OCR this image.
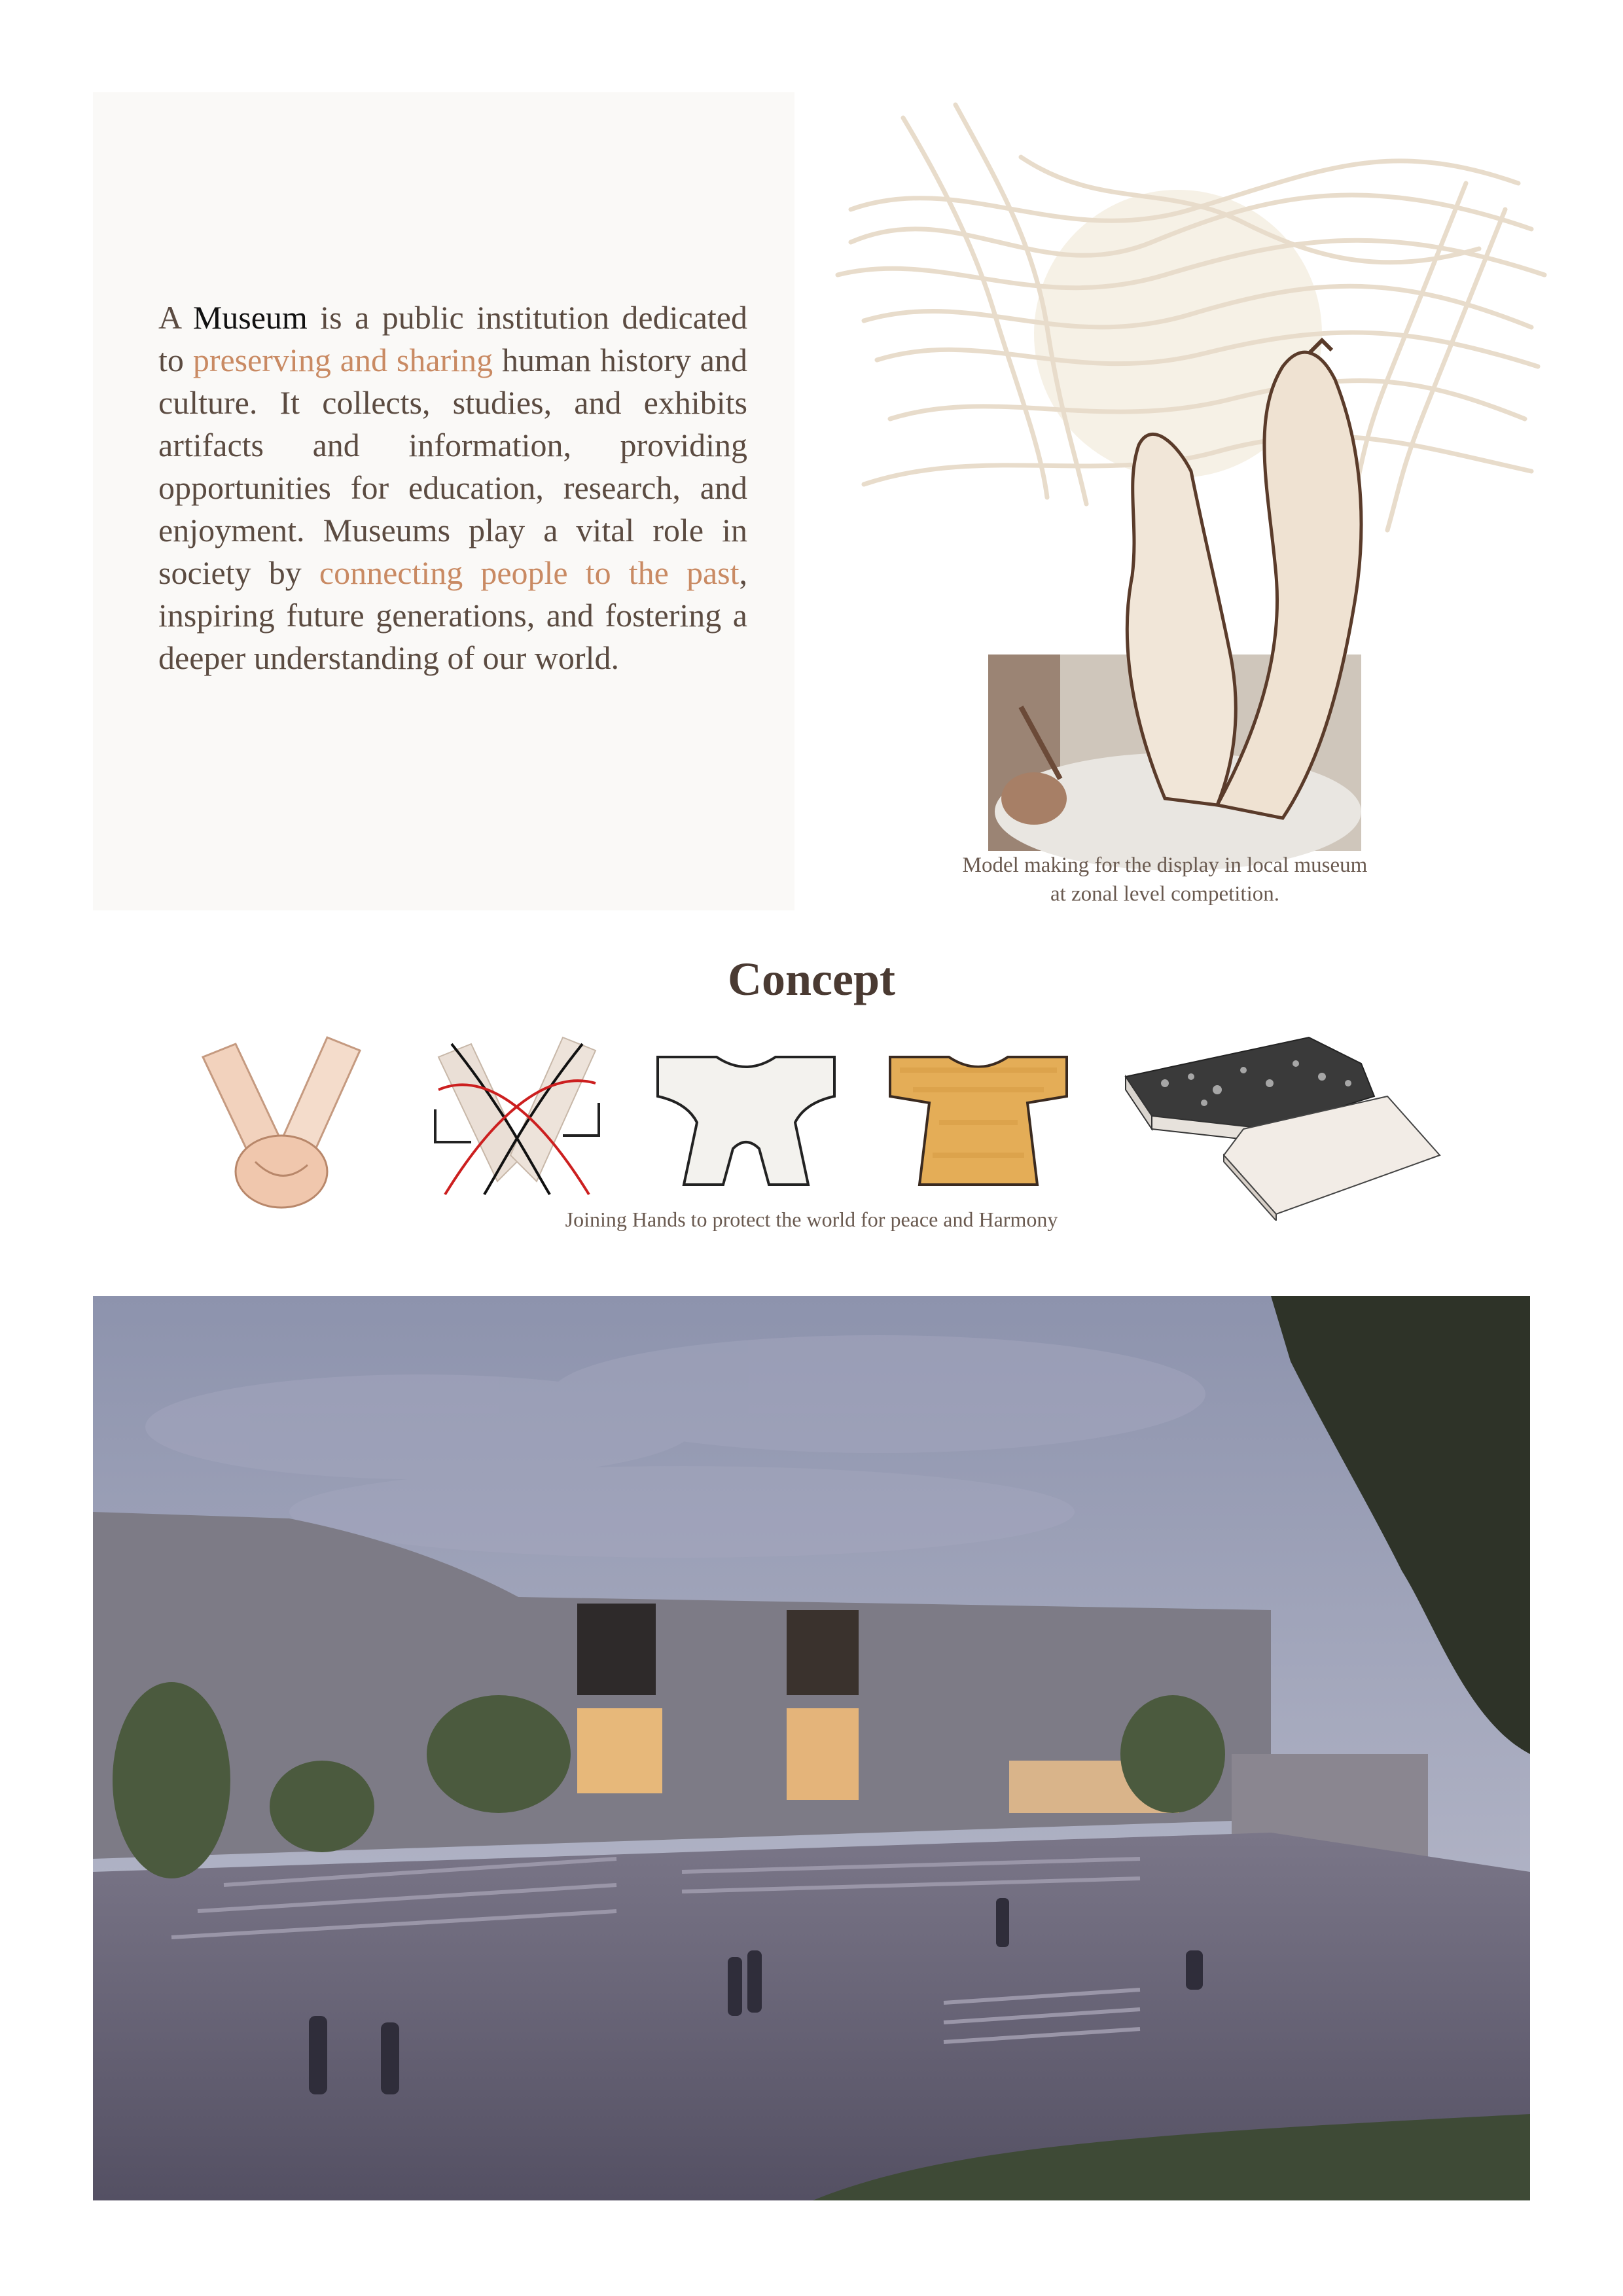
A Museum is a public institution dedicated to preserving and sharing human history and culture. It collects, studies, and exhibits artifacts and information, providing opportunities for education, research, and enjoyment. Museums play a vital role in society by connecting people to the past, inspiring future generations, and fostering a deeper understanding of our world.

Model making for the display in local museum at zonal level competition.

Concept

Joining Hands to protect the world for peace and Harmony
